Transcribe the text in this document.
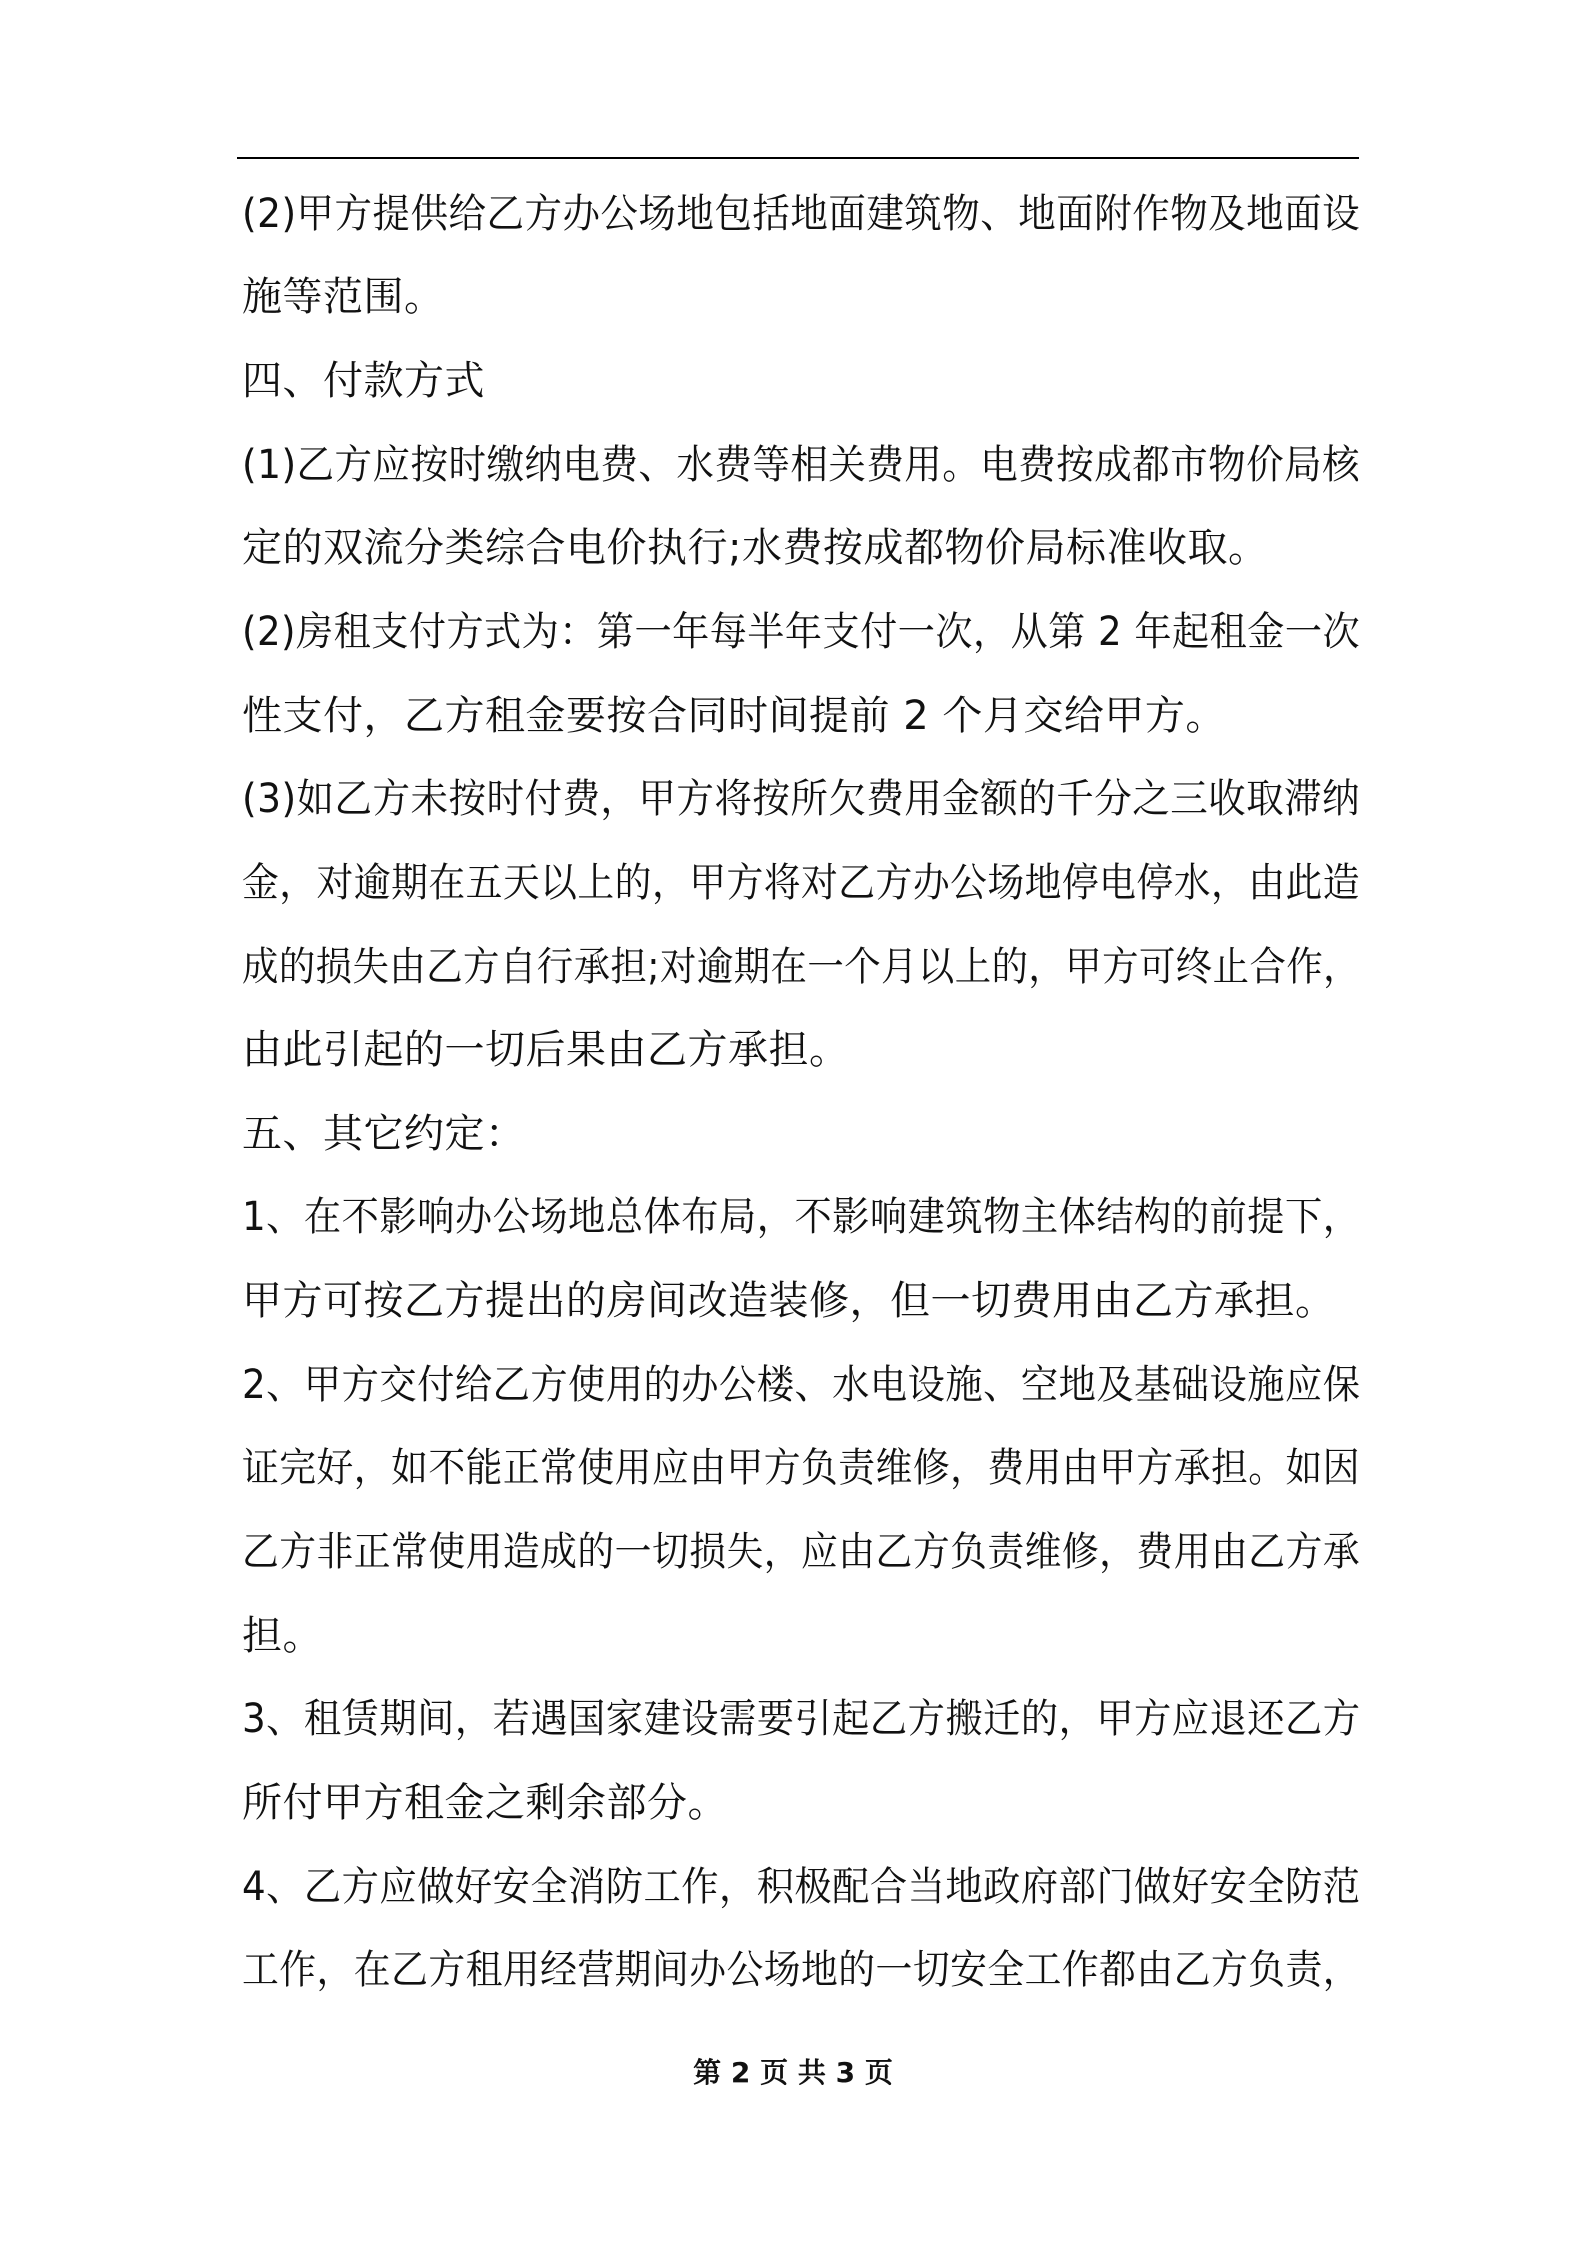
(2)甲方提供给乙方办公场地包括地面建筑物、地面附作物及地面设
施等范围。
四、付款方式
(1)乙方应按时缴纳电费、水费等相关费用。电费按成都市物价局核
定的双流分类综合电价执行;水费按成都物价局标准收取。
(2)房租支付方式为：第一年每半年支付一次，从第 2 年起租金一次
性支付，乙方租金要按合同时间提前 2 个月交给甲方。
(3)如乙方未按时付费，甲方将按所欠费用金额的千分之三收取滞纳
金，对逾期在五天以上的，甲方将对乙方办公场地停电停水，由此造
成的损失由乙方自行承担;对逾期在一个月以上的，甲方可终止合作，
由此引起的一切后果由乙方承担。
五、其它约定：
1、在不影响办公场地总体布局，不影响建筑物主体结构的前提下，
甲方可按乙方提出的房间改造装修，但一切费用由乙方承担。
2、甲方交付给乙方使用的办公楼、水电设施、空地及基础设施应保
证完好，如不能正常使用应由甲方负责维修，费用由甲方承担。如因
乙方非正常使用造成的一切损失，应由乙方负责维修，费用由乙方承
担。
3、租赁期间，若遇国家建设需要引起乙方搬迁的，甲方应退还乙方
所付甲方租金之剩余部分。
4、乙方应做好安全消防工作，积极配合当地政府部门做好安全防范
工作，在乙方租用经营期间办公场地的一切安全工作都由乙方负责，
第 2 页 共 3 页
